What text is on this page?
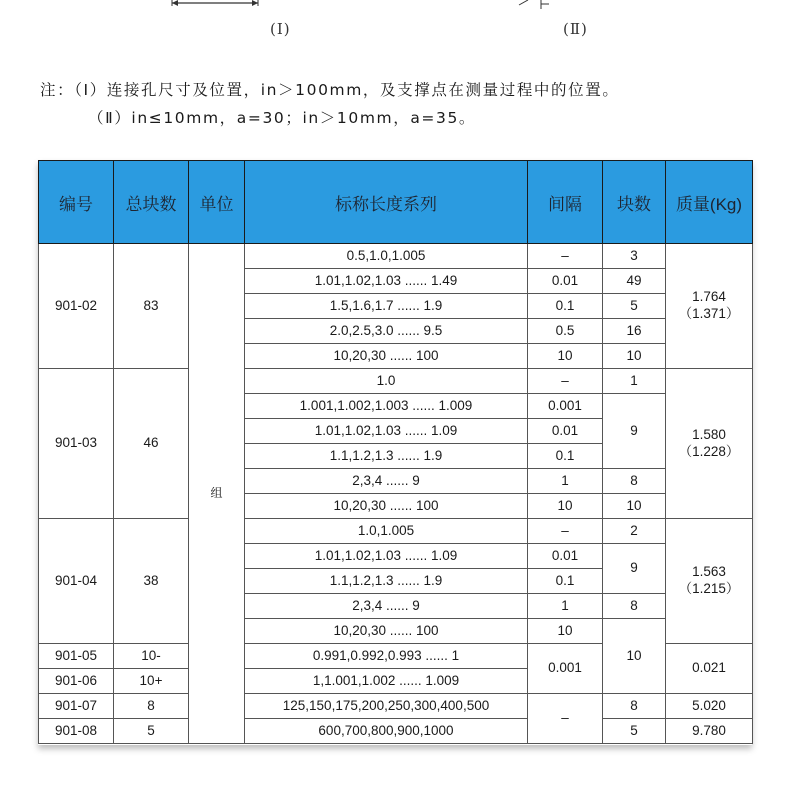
(Ⅰ)	(Ⅱ)
注：（Ⅰ）连接孔尺寸及位置，in＞100mm，及支撑点在测量过程中的位置。
（Ⅱ）in≤10mm，a=30；in＞10mm，a=35。
编号	总块数	单位	标称长度系列	间隔	块数	质量(Kg)
901-02	83	组	0.5,1.0,1.005	–	3	1.764
（1.371）

			1.01,1.02,1.03 ...... 1.49	0.01	49	
			1.5,1.6,1.7 ...... 1.9	0.1	5	
			2.0,2.5,3.0 ...... 9.5	0.5	16	
			10,20,30 ...... 100	10	10	
901-03	46		1.0	–	1	1.580
（1.228）

			1.001,1.002,1.003 ...... 1.009	0.001	9	
			1.01,1.02,1.03 ...... 1.09	0.01		
			1.1,1.2,1.3 ...... 1.9	0.1		
			2,3,4 ...... 9	1	8	
			10,20,30 ...... 100	10	10	
901-04	38		1.0,1.005	–	2	1.563
（1.215）

			1.01,1.02,1.03 ...... 1.09	0.01	9	
			1.1,1.2,1.3 ...... 1.9	0.1		
			2,3,4 ...... 9	1	8	
			10,20,30 ...... 100	10	10	
901-05	10-		0.991,0.992,0.993 ...... 1	0.001		0.021
901-06	10+		1,1.001,1.002 ...... 1.009			
901-07	8		125,150,175,200,250,300,400,500	–	8	5.020
901-08	5		600,700,800,900,1000		5	9.780
